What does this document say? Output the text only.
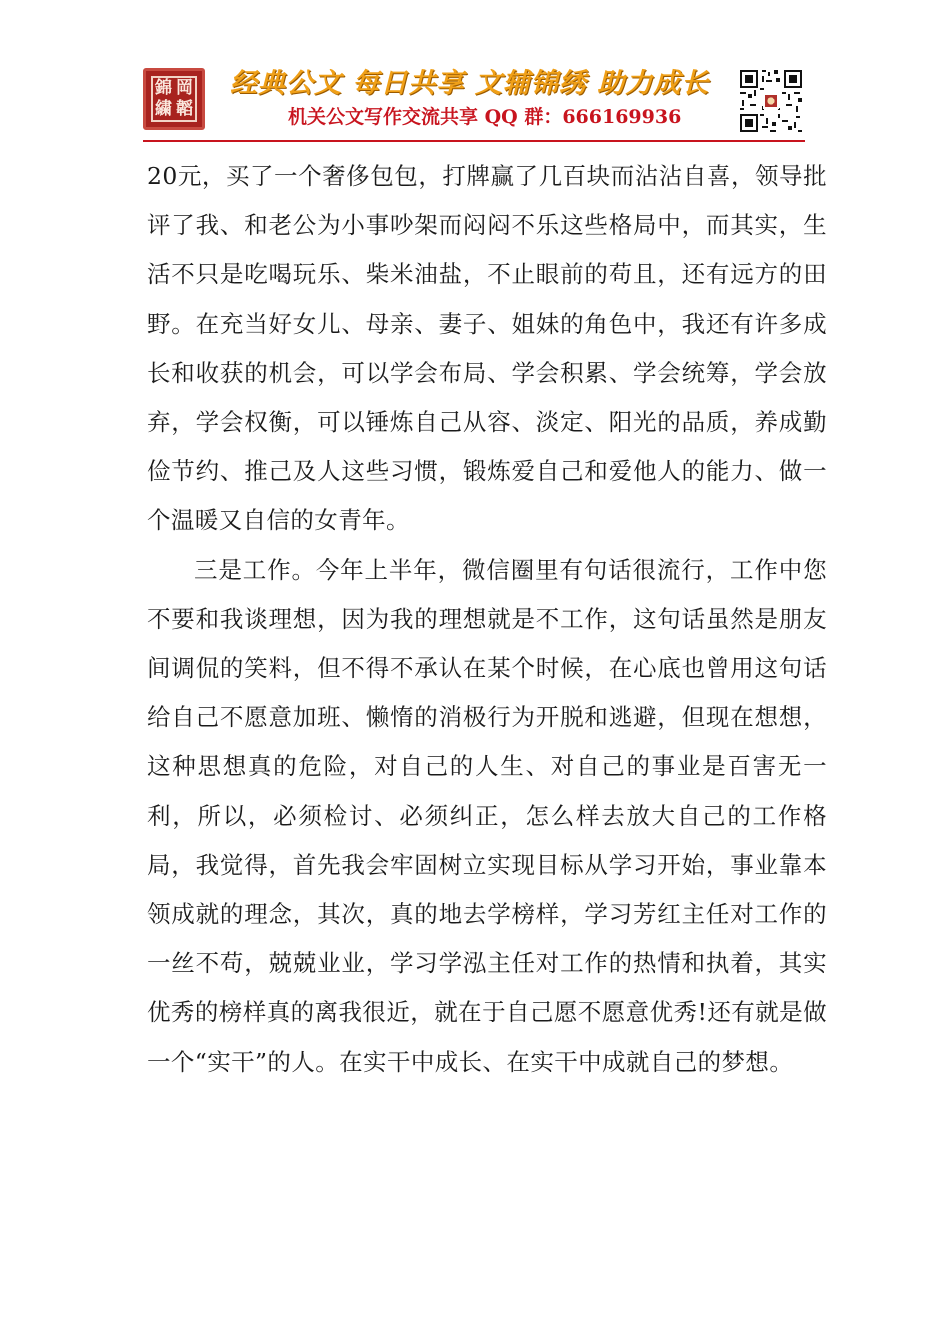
錦 岡
繍 韜
经典公文 每日共享 文辅锦绣 助力成长
机关公文写作交流共享 QQ 群：666169936

20元，买了一个奢侈包包，打牌赢了几百块而沾沾自喜，领导批评了我、和老公为小事吵架而闷闷不乐这些格局中，而其实，生活不只是吃喝玩乐、柴米油盐，不止眼前的苟且，还有远方的田野。在充当好女儿、母亲、妻子、姐妹的角色中，我还有许多成长和收获的机会，可以学会布局、学会积累、学会统筹，学会放弃，学会权衡，可以锤炼自己从容、淡定、阳光的品质，养成勤俭节约、推己及人这些习惯，锻炼爱自己和爱他人的能力、做一个温暖又自信的女青年。

三是工作。今年上半年，微信圈里有句话很流行，工作中您不要和我谈理想，因为我的理想就是不工作，这句话虽然是朋友间调侃的笑料，但不得不承认在某个时候，在心底也曾用这句话给自己不愿意加班、懒惰的消极行为开脱和逃避，但现在想想，这种思想真的危险，对自己的人生、对自己的事业是百害无一利，所以，必须检讨、必须纠正，怎么样去放大自己的工作格局，我觉得，首先我会牢固树立实现目标从学习开始，事业靠本领成就的理念，其次，真的地去学榜样，学习芳红主任对工作的一丝不苟，兢兢业业，学习学泓主任对工作的热情和执着，其实优秀的榜样真的离我很近，就在于自己愿不愿意优秀!还有就是做一个“实干”的人。在实干中成长、在实干中成就自己的梦想。
